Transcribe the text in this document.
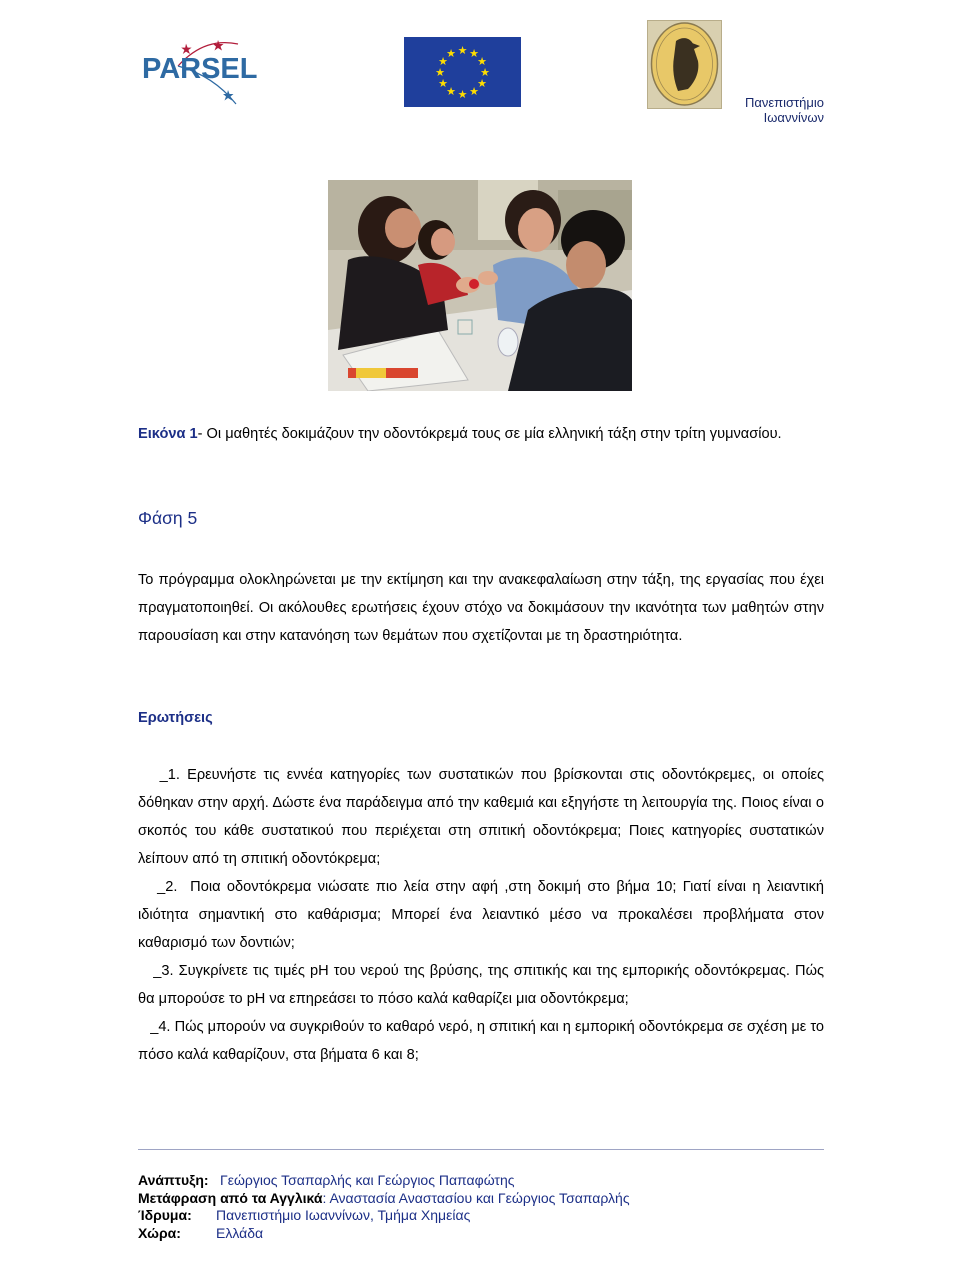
PARSEL
★ ★
★
★
★
★
★
★
★
★
★
★
Πανεπιστήμιο
Ιωαννίνων
Εικόνα 1- Οι μαθητές δοκιμάζουν την οδοντόκρεμά τους σε μία ελληνική τάξη στην τρίτη γυμνασίου.
Φάση 5
Το πρόγραμμα ολοκληρώνεται με την εκτίμηση και την ανακεφαλαίωση στην τάξη, της εργασίας που έχει πραγματοποιηθεί. Οι ακόλουθες ερωτήσεις έχουν στόχο να δοκιμάσουν την ικανότητα των μαθητών στην παρουσίαση και στην κατανόηση των θεμάτων που σχετίζονται με τη δραστηριότητα.
Ερωτήσεις

_1. Ερευνήστε τις εννέα κατηγορίες των συστατικών που βρίσκονται στις οδοντόκρεμες, οι οποίες δόθηκαν στην αρχή. Δώστε ένα παράδειγμα από την καθεμιά και εξηγήστε τη λειτουργία της. Ποιος είναι ο σκοπός του κάθε συστατικού που περιέχεται στη σπιτική οδοντόκρεμα; Ποιες κατηγορίες συστατικών λείπουν από τη σπιτική οδοντόκρεμα;

_2. Ποια οδοντόκρεμα νιώσατε πιο λεία στην αφή ,στη δοκιμή στο βήμα 10; Γιατί είναι η λειαντική ιδιότητα σημαντική στο καθάρισμα; Μπορεί ένα λειαντικό μέσο να προκαλέσει προβλήματα στον καθαρισμό των δοντιών;

_3. Συγκρίνετε τις τιμές pH του νερού της βρύσης, της σπιτικής και της εμπορικής οδοντόκρεμας. Πώς θα μπορούσε το pH να επηρεάσει το πόσο καλά καθαρίζει μια οδοντόκρεμα;

_4. Πώς μπορούν να συγκριθούν το καθαρό νερό, η σπιτική και η εμπορική οδοντόκρεμα σε σχέση με το πόσο καλά καθαρίζουν, στα βήματα 6 και 8;

Ανάπτυξη: Γεώργιος Τσαπαρλής και Γεώργιος Παπαφώτης
Μετάφραση από τα Αγγλικά: Αναστασία Αναστασίου και Γεώργιος Τσαπαρλής
Ίδρυμα: Πανεπιστήμιο Ιωαννίνων, Τμήμα Χημείας
Χώρα:	Ελλάδα
